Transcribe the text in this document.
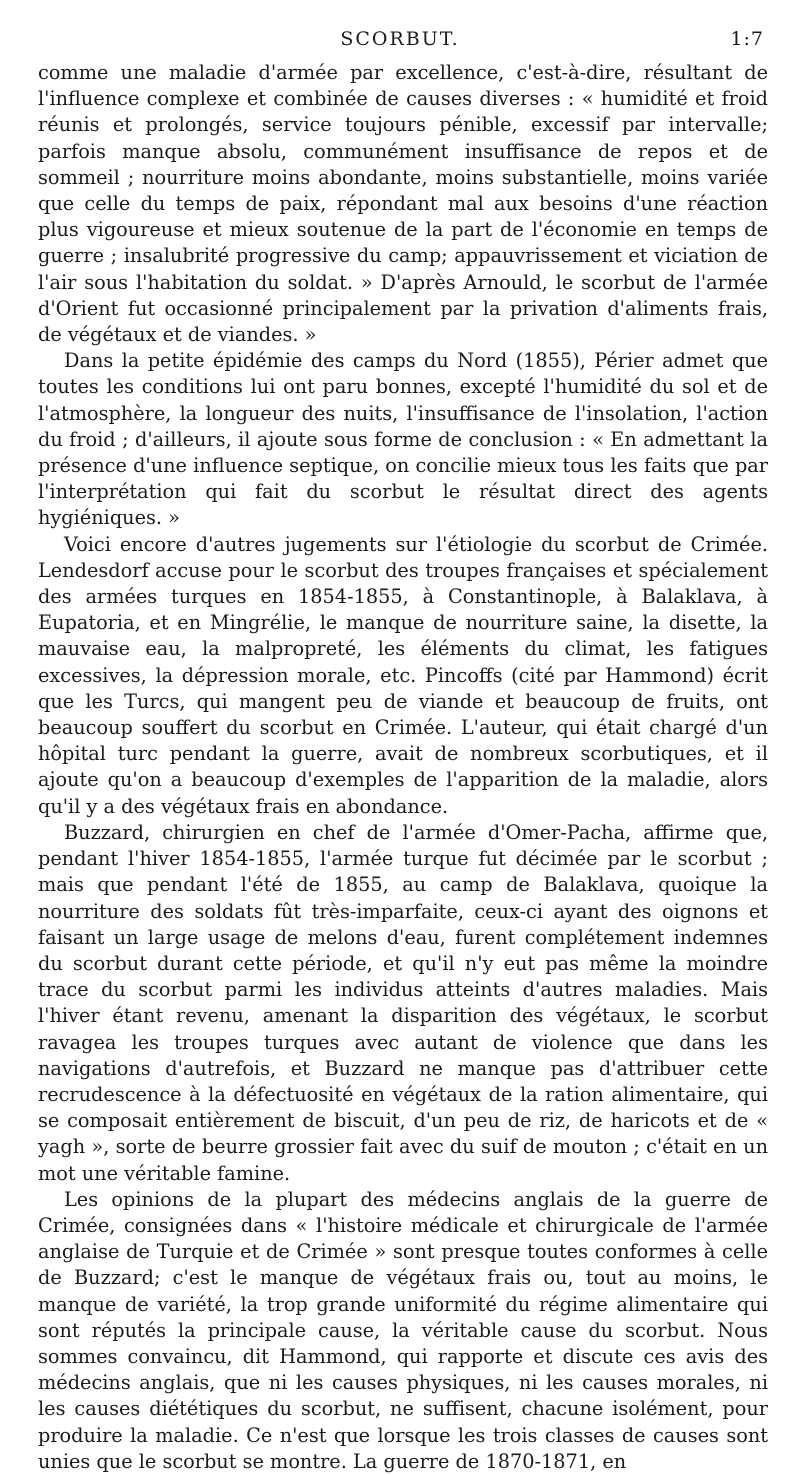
SCORBUT.	1:7

comme une maladie d'armée par excellence, c'est-à-dire, résultant de l'influence complexe et combinée de causes diverses : « humidité et froid réunis et prolongés, service toujours pénible, excessif par intervalle; parfois manque absolu, communément insuffisance de repos et de sommeil ; nourriture moins abondante, moins substantielle, moins variée que celle du temps de paix, répondant mal aux besoins d'une réaction plus vigoureuse et mieux soutenue de la part de l'économie en temps de guerre ; insalubrité progressive du camp; appauvrissement et viciation de l'air sous l'habitation du soldat. » D'après Arnould, le scorbut de l'armée d'Orient fut occasionné principalement par la privation d'aliments frais, de végétaux et de viandes. »

Dans la petite épidémie des camps du Nord (1855), Périer admet que toutes les conditions lui ont paru bonnes, excepté l'humidité du sol et de l'atmosphère, la longueur des nuits, l'insuffisance de l'insolation, l'action du froid ; d'ailleurs, il ajoute sous forme de conclusion : « En admettant la présence d'une influence septique, on concilie mieux tous les faits que par l'interprétation qui fait du scorbut le résultat direct des agents hygiéniques. »

Voici encore d'autres jugements sur l'étiologie du scorbut de Crimée. Lendesdorf accuse pour le scorbut des troupes françaises et spécialement des armées turques en 1854-1855, à Constantinople, à Balaklava, à Eupatoria, et en Mingrélie, le manque de nourriture saine, la disette, la mauvaise eau, la malpropreté, les éléments du climat, les fatigues excessives, la dépression morale, etc. Pincoffs (cité par Hammond) écrit que les Turcs, qui mangent peu de viande et beaucoup de fruits, ont beaucoup souffert du scorbut en Crimée. L'auteur, qui était chargé d'un hôpital turc pendant la guerre, avait de nombreux scorbutiques, et il ajoute qu'on a beaucoup d'exemples de l'apparition de la maladie, alors qu'il y a des végétaux frais en abondance.

Buzzard, chirurgien en chef de l'armée d'Omer-Pacha, affirme que, pendant l'hiver 1854-1855, l'armée turque fut décimée par le scorbut ; mais que pendant l'été de 1855, au camp de Balaklava, quoique la nourriture des soldats fût très-imparfaite, ceux-ci ayant des oignons et faisant un large usage de melons d'eau, furent complétement indemnes du scorbut durant cette période, et qu'il n'y eut pas même la moindre trace du scorbut parmi les individus atteints d'autres maladies. Mais l'hiver étant revenu, amenant la disparition des végétaux, le scorbut ravagea les troupes turques avec autant de violence que dans les navigations d'autrefois, et Buzzard ne manque pas d'attribuer cette recrudescence à la défectuosité en végétaux de la ration alimentaire, qui se composait entièrement de biscuit, d'un peu de riz, de haricots et de « yagh », sorte de beurre grossier fait avec du suif de mouton ; c'était en un mot une véritable famine.

Les opinions de la plupart des médecins anglais de la guerre de Crimée, consignées dans « l'histoire médicale et chirurgicale de l'armée anglaise de Turquie et de Crimée » sont presque toutes conformes à celle de Buzzard; c'est le manque de végétaux frais ou, tout au moins, le manque de variété, la trop grande uniformité du régime alimentaire qui sont réputés la principale cause, la véritable cause du scorbut. Nous sommes convaincu, dit Hammond, qui rapporte et discute ces avis des médecins anglais, que ni les causes physiques, ni les causes morales, ni les causes diététiques du scorbut, ne suffisent, chacune isolément, pour produire la maladie. Ce n'est que lorsque les trois classes de causes sont unies que le scorbut se montre. La guerre de 1870-1871, en
